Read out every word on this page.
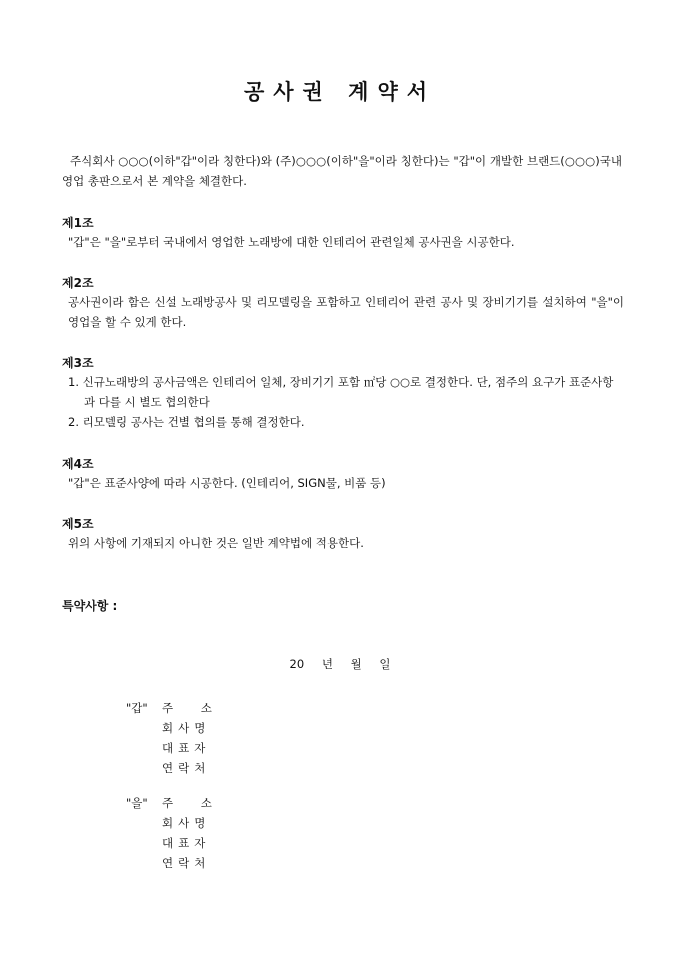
공사권 계약서
주식회사 ○○○(이하"갑"이라 칭한다)와 (주)○○○(이하"을"이라 칭한다)는 "갑"이 개발한 브랜드(○○○)국내 영업 총판으로서 본 계약을 체결한다.
제1조
"갑"은 "을"로부터 국내에서 영업한 노래방에 대한 인테리어 관련일체 공사권을 시공한다.
제2조
공사권이라 함은 신설 노래방공사 및 리모델링을 포함하고 인테리어 관련 공사 및 장비기기를 설치하여 "을"이 영업을 할 수 있게 한다.
제3조
1. 신규노래방의 공사금액은 인테리어 일체, 장비기기 포함 ㎡당 ○○로 결정한다. 단, 점주의 요구가 표준사항과 다를 시 별도 협의한다
2. 리모델링 공사는 건별 협의를 통해 결정한다.
제4조
"갑"은 표준사양에 따라 시공한다. (인테리어, SIGN물, 비품 등)
제5조
위의 사항에 기재되지 아니한 것은 일반 계약법에 적용한다.
특약사항 :
20 년 월 일
"갑"	주 소
회사명
대표자
연락처
"을"	주 소
회사명
대표자
연락처
